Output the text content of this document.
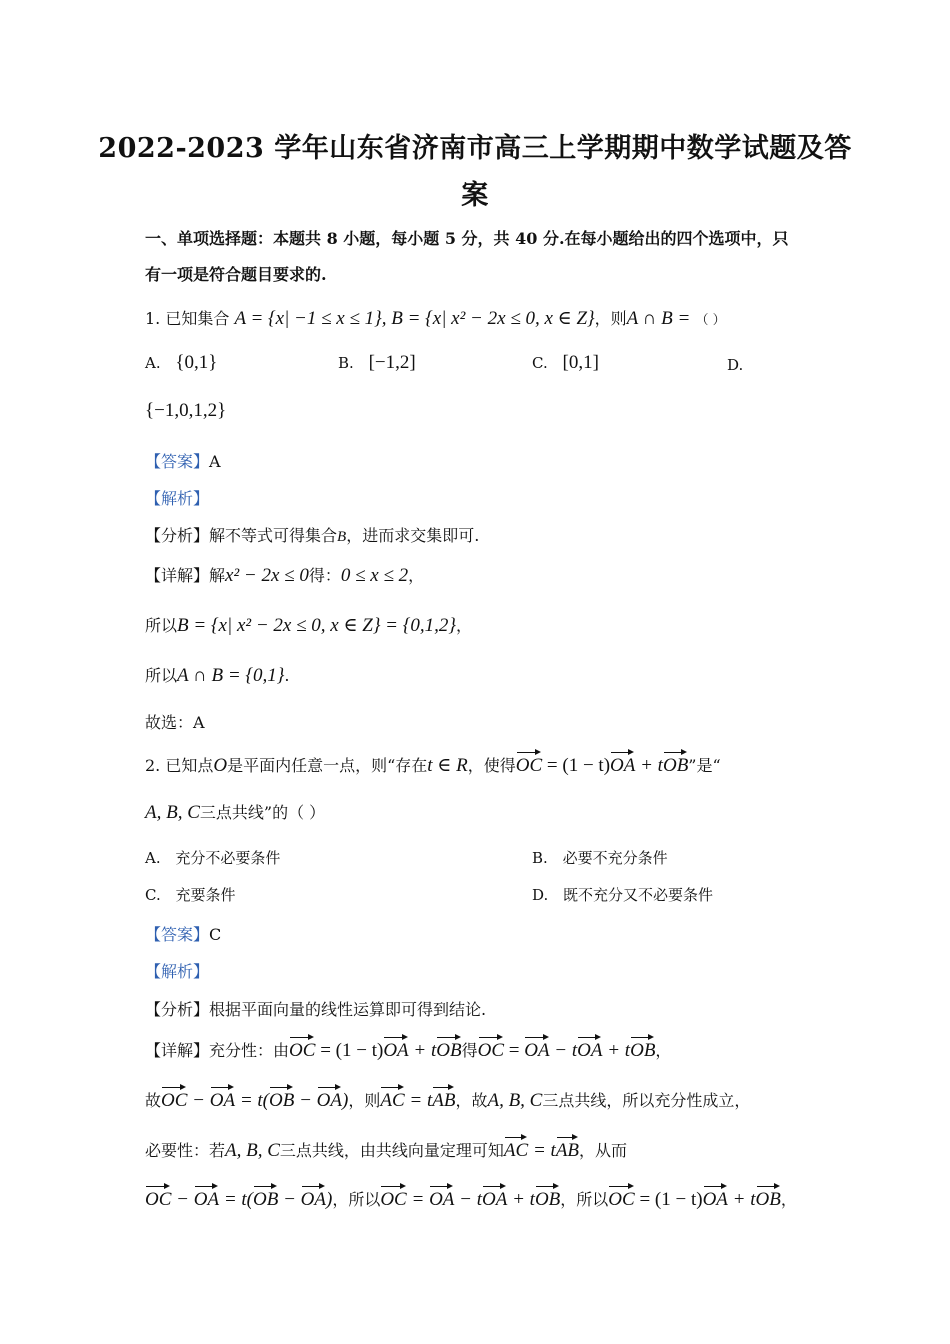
2022-2023 学年山东省济南市高三上学期期中数学试题及答
案
一、单项选择题：本题共 8 小题，每小题 5 分，共 40 分.在每小题给出的四个选项中，只
有一项是符合题目要求的.
1. 已知集合 A = {x| −1 ≤ x ≤ 1}, B = {x| x² − 2x ≤ 0, x ∈ Z}，则A ∩ B = （ ）
A. {0,1}	B. [−1,2]	C. [0,1]	D.
{−1,0,1,2}
【答案】A
【解析】
【分析】解不等式可得集合B，进而求交集即可.
【详解】解x² − 2x ≤ 0得：0 ≤ x ≤ 2，
所以B = {x| x² − 2x ≤ 0, x ∈ Z} = {0,1,2}，
所以A ∩ B = {0,1}.
故选：A
2. 已知点O是平面内任意一点，则“存在t ∈ R，使得OC = (1 − t)OA + tOB”是“
A, B, C三点共线”的（ ）
A. 充分不必要条件	B. 必要不充分条件
C. 充要条件	D. 既不充分又不必要条件
【答案】C
【解析】
【分析】根据平面向量的线性运算即可得到结论.
【详解】充分性：由OC = (1 − t)OA + tOB得OC = OA − tOA + tOB，
故OC − OA = t(OB − OA)，则AC = tAB，故A, B, C三点共线，所以充分性成立，
必要性：若A, B, C三点共线，由共线向量定理可知AC = tAB，从而
OC − OA = t(OB − OA)，所以OC = OA − tOA + tOB，所以OC = (1 − t)OA + tOB，
